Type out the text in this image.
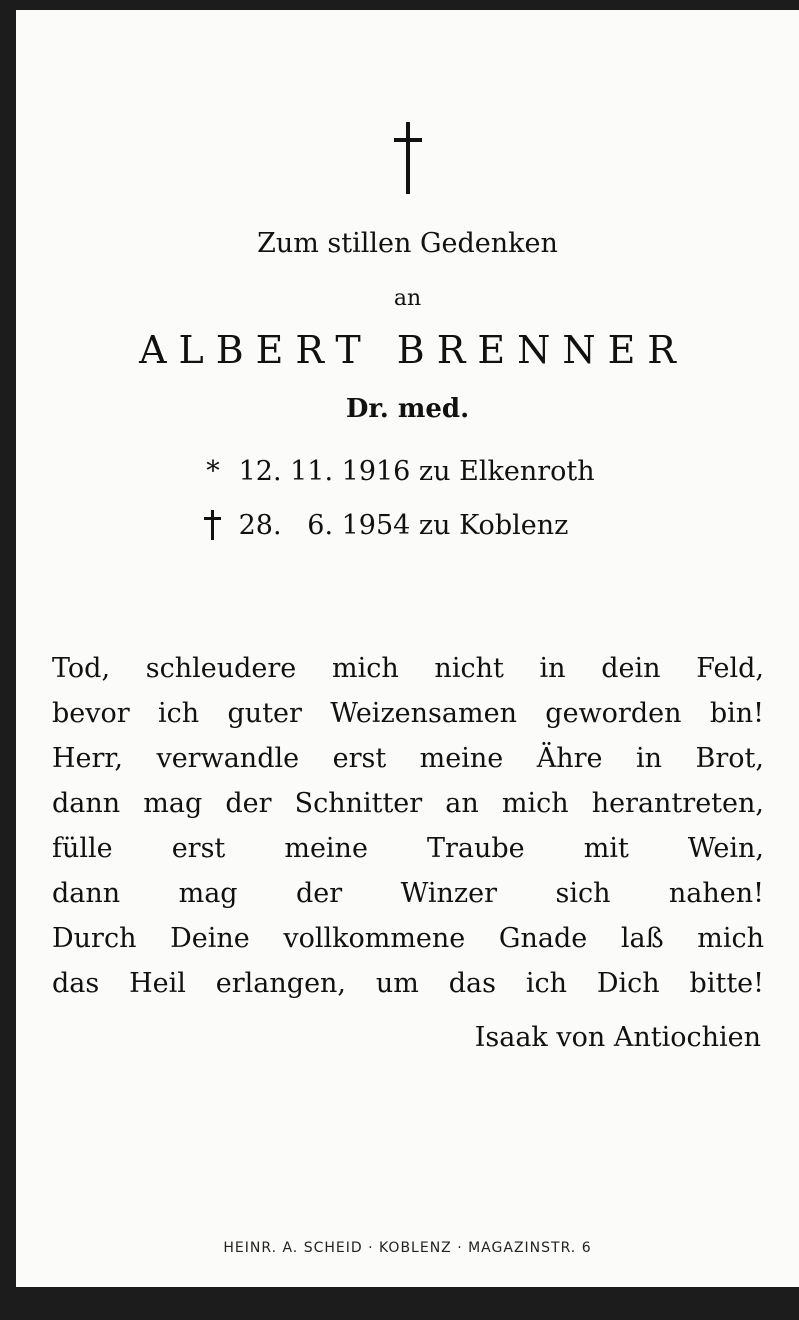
Zum stillen Gedenken
an
ALBERT BRENNER
Dr. med.
* 12. 11. 1916 zu Elkenroth
28.   6. 1954 zu Koblenz
Tod, schleudere mich nicht in dein Feld,
bevor ich guter Weizensamen geworden bin!
Herr, verwandle erst meine Ähre in Brot,
dann mag der Schnitter an mich herantreten,
fülle erst meine Traube mit Wein,
dann mag der Winzer sich nahen!
Durch Deine vollkommene Gnade laß mich
das Heil erlangen, um das ich Dich bitte!
Isaak von Antiochien
HEINR. A. SCHEID · KOBLENZ · MAGAZINSTR. 6
